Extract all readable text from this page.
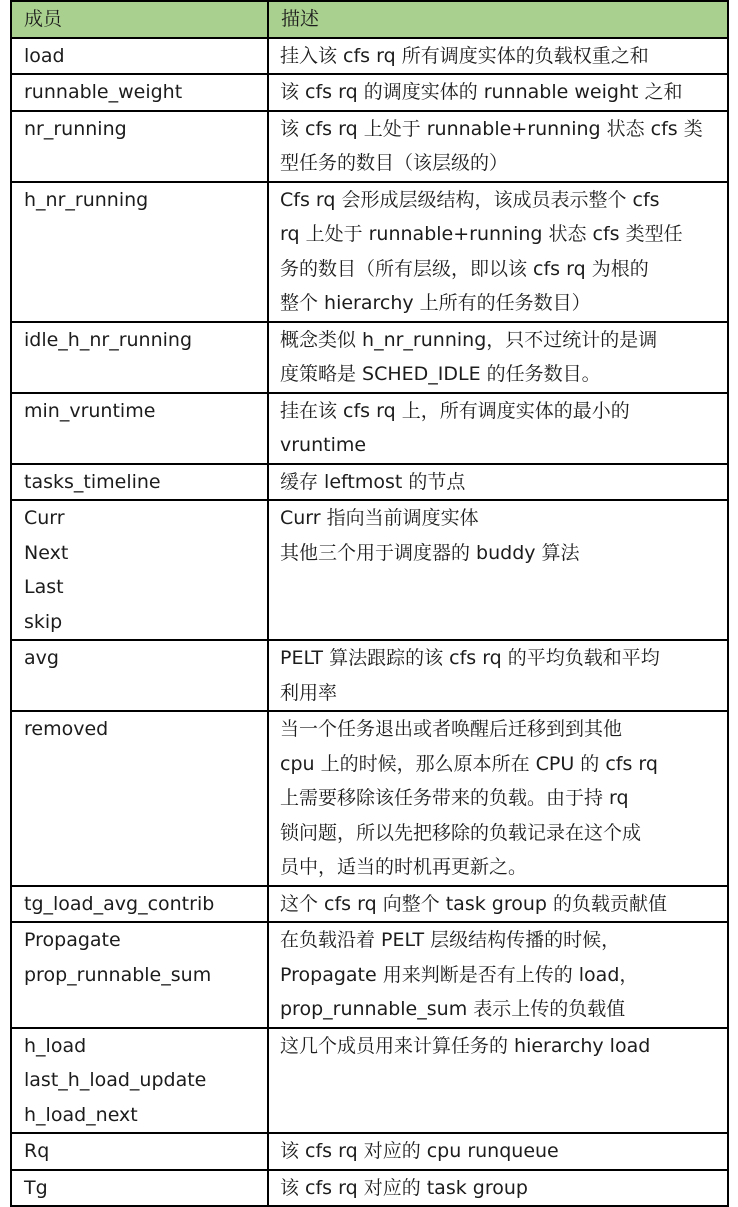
成员	描述

load	挂入该 cfs rq 所有调度实体的负载权重之和

runnable_weight	该 cfs rq 的调度实体的 runnable weight 之和

nr_running	该 cfs rq 上处于 runnable+running 状态 cfs 类
型任务的数目（该层级的）

h_nr_running	Cfs rq 会形成层级结构，该成员表示整个 cfs
rq 上处于 runnable+running 状态 cfs 类型任
务的数目（所有层级，即以该 cfs rq 为根的
整个 hierarchy 上所有的任务数目）

idle_h_nr_running	概念类似 h_nr_running，只不过统计的是调
度策略是 SCHED_IDLE 的任务数目。

min_vruntime	挂在该 cfs rq 上，所有调度实体的最小的
vruntime

tasks_timeline	缓存 leftmost 的节点

Curr
Next
Last
skip	Curr 指向当前调度实体
其他三个用于调度器的 buddy 算法

avg	PELT 算法跟踪的该 cfs rq 的平均负载和平均
利用率

removed	当一个任务退出或者唤醒后迁移到到其他
cpu 上的时候，那么原本所在 CPU 的 cfs rq
上需要移除该任务带来的负载。由于持 rq
锁问题，所以先把移除的负载记录在这个成
员中，适当的时机再更新之。

tg_load_avg_contrib	这个 cfs rq 向整个 task group 的负载贡献值

Propagate
prop_runnable_sum	在负载沿着 PELT 层级结构传播的时候，
Propagate 用来判断是否有上传的 load，
prop_runnable_sum 表示上传的负载值

h_load
last_h_load_update
h_load_next	这几个成员用来计算任务的 hierarchy load

Rq	该 cfs rq 对应的 cpu runqueue

Tg	该 cfs rq 对应的 task group
